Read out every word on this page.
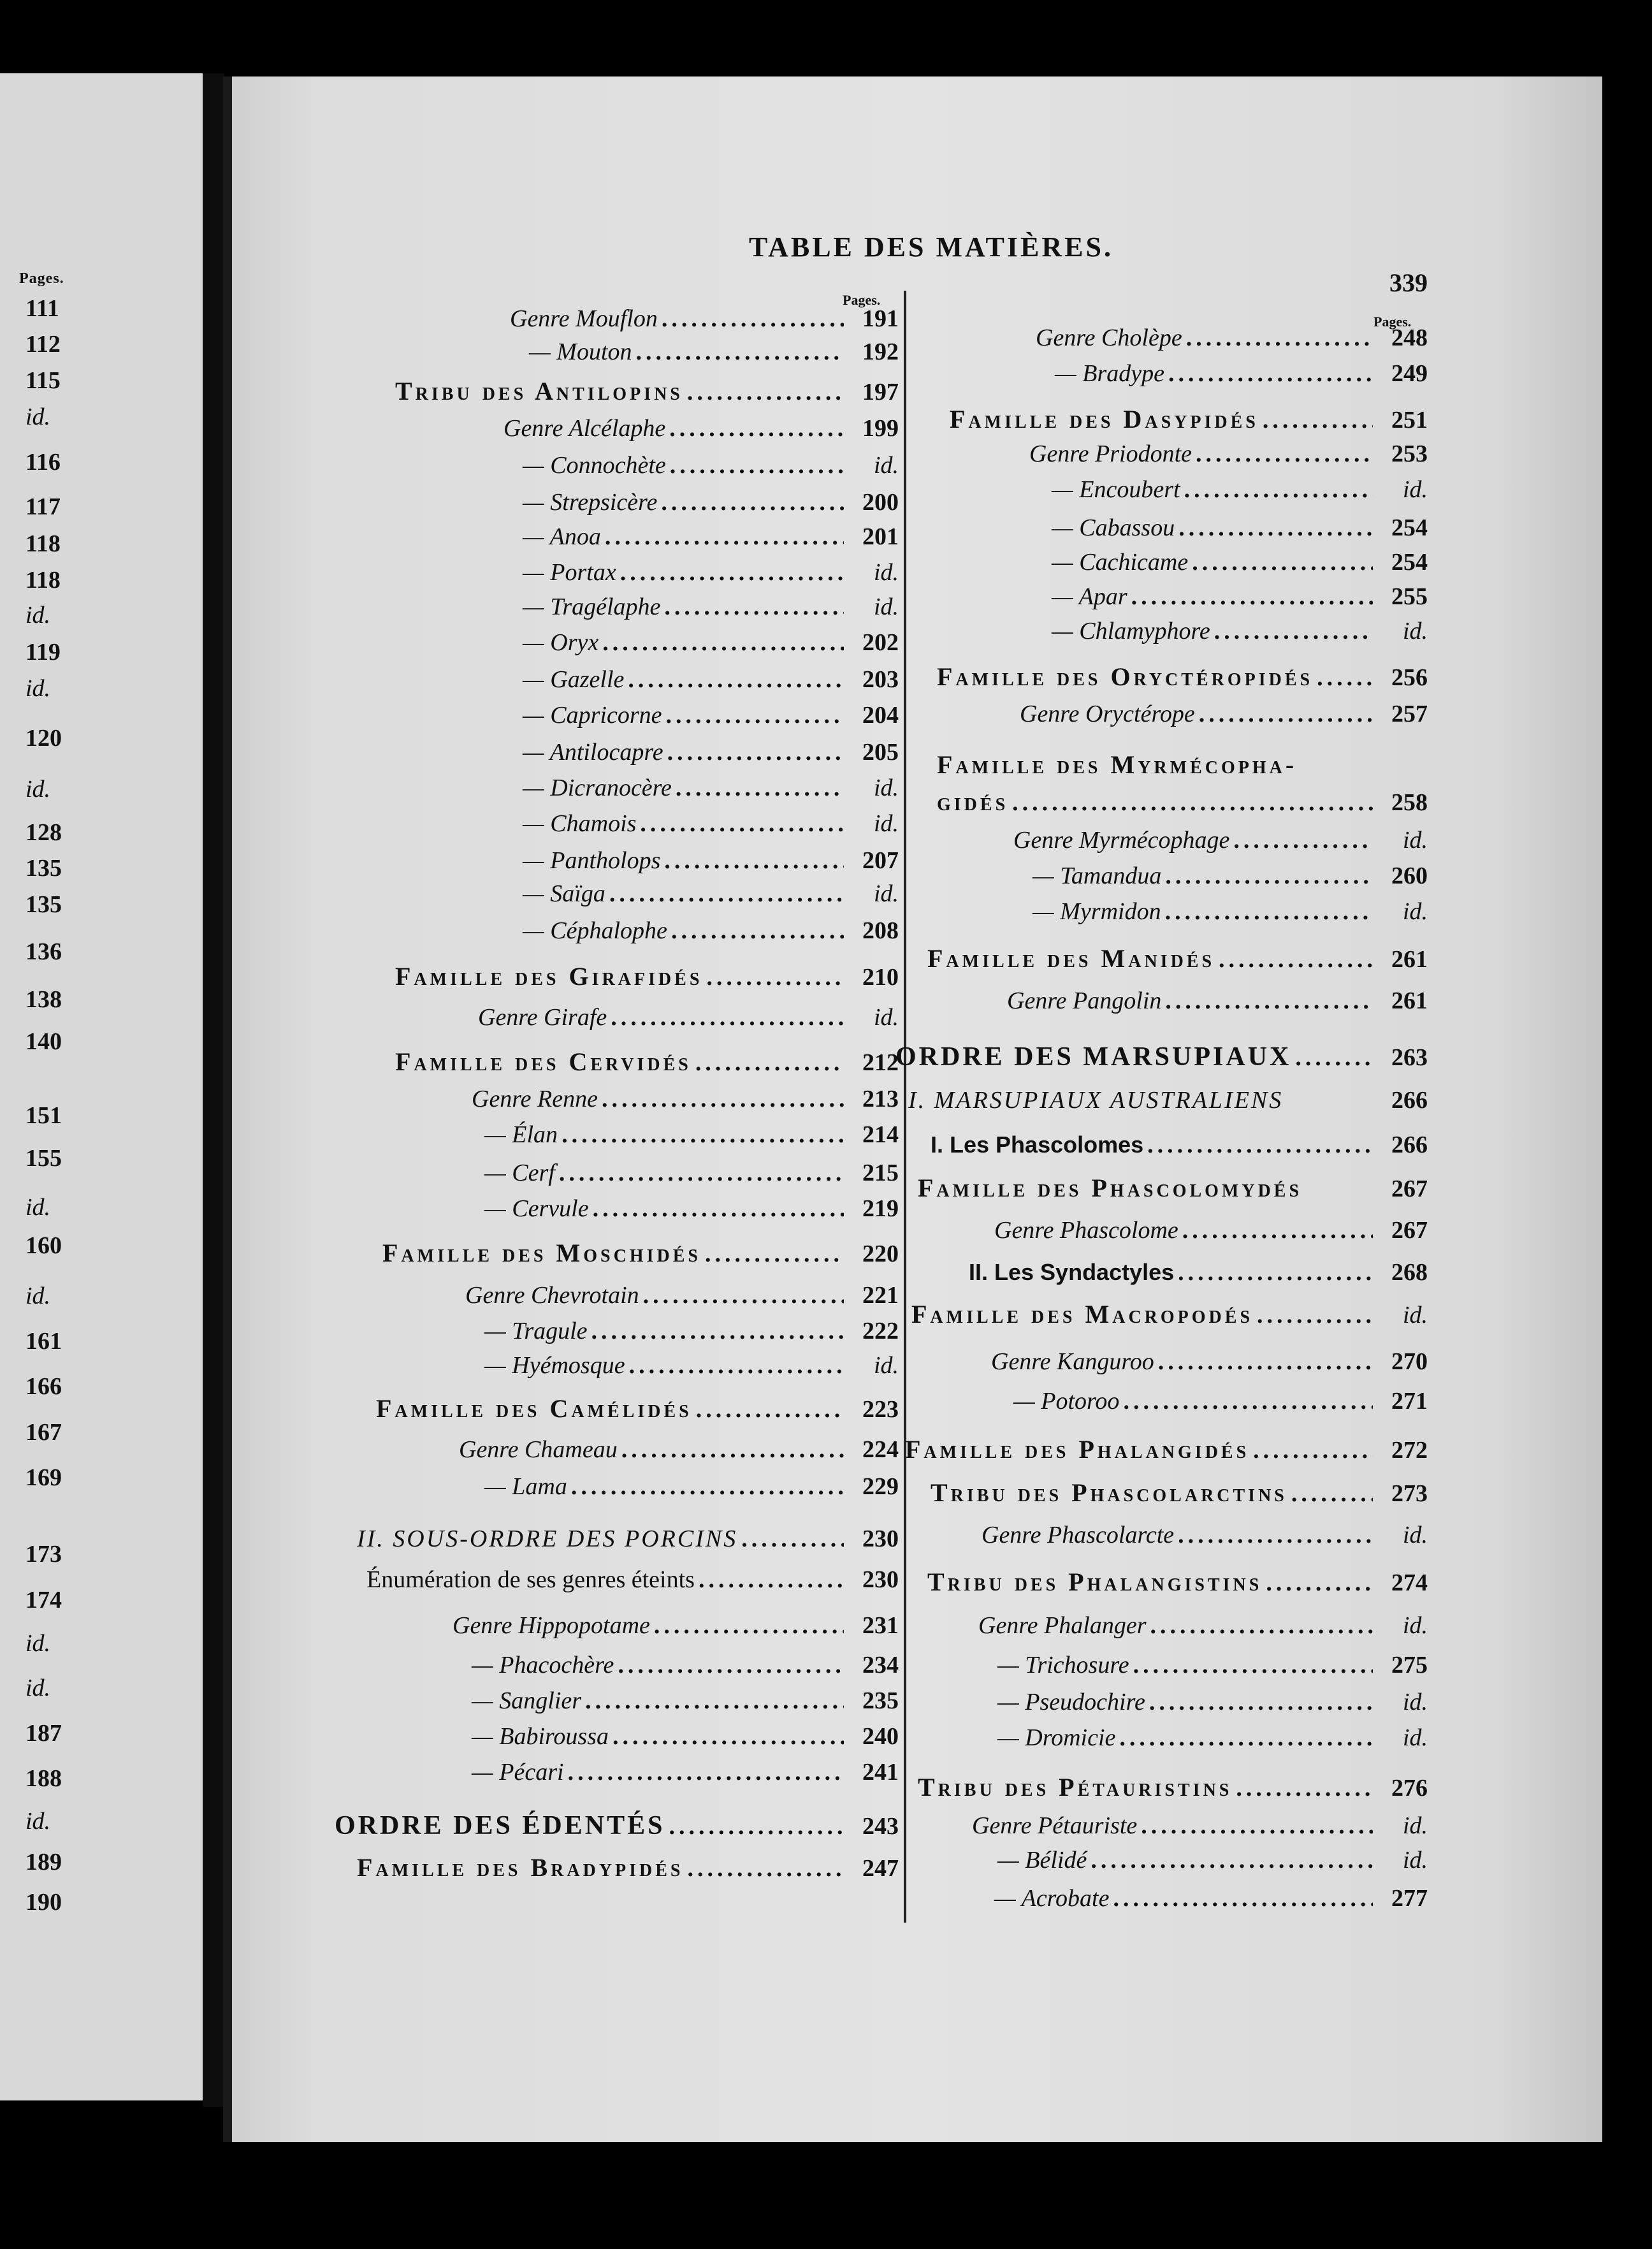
Pages.
111
112
115
id.
116
117
118
118
id.
119
id.
120
id.
128
135
135
136
138
140
151
155
id.
160
id.
161
166
167
169
173
174
id.
id.
187
188
id.
189
190
TABLE DES MATIÈRES.
339
Pages.
Pages.
Genre Mouflon .....	191
— Mouton .....	192
Tribu des Antilopins .....	197
Genre Alcélaphe .....	199
— Connochète .....	id.
— Strepsicère .....	200
— Anoa .....	201
— Portax .....	id.
— Tragélaphe .....	id.
— Oryx .....	202
— Gazelle .....	203
— Capricorne .....	204
— Antilocapre .....	205
— Dicranocère .....	id.
— Chamois .....	id.
— Pantholops .....	207
— Saïga .....	id.
— Céphalophe .....	208
Famille des Girafidés .....	210
Genre Girafe .....	id.
Famille des Cervidés .....	212
Genre Renne .....	213
— Élan .....	214
— Cerf .....	215
— Cervule .....	219
Famille des Moschidés .....	220
Genre Chevrotain .....	221
— Tragule .....	222
— Hyémosque .....	id.
Famille des Camélidés .....	223
Genre Chameau .....	224
— Lama .....	229
II. SOUS-ORDRE DES PORCINS .....	230
Énumération de ses genres éteints .....	230
Genre Hippopotame .....	231
— Phacochère .....	234
— Sanglier .....	235
— Babiroussa .....	240
— Pécari .....	241
ORDRE DES ÉDENTÉS .....	243
Famille des Bradypidés .....	247
Genre Cholèpe .....	248
— Bradype .....	249
Famille des Dasypidés .....	251
Genre Priodonte .....	253
— Encoubert .....	id.
— Cabassou .....	254
— Cachicame .....	254
— Apar .....	255
— Chlamyphore .....	id.
Famille des Oryctéropidés .....	256
Genre Oryctérope .....	257
Famille des Myrmécopha-
gidés .....	258
Genre Myrmécophage .....	id.
— Tamandua .....	260
— Myrmidon .....	id.
Famille des Manidés .....	261
Genre Pangolin .....	261
ORDRE DES MARSUPIAUX .....	263
I. MARSUPIAUX AUSTRALIENS	266
I. Les Phascolomes .....	266
Famille des Phascolomydés	267
Genre Phascolome .....	267
II. Les Syndactyles .....	268
Famille des Macropodés .....	id.
Genre Kanguroo .....	270
— Potoroo .....	271
Famille des Phalangidés .....	272
Tribu des Phascolarctins .....	273
Genre Phascolarcte .....	id.
Tribu des Phalangistins .....	274
Genre Phalanger .....	id.
— Trichosure .....	275
— Pseudochire .....	id.
— Dromicie .....	id.
Tribu des Pétauristins .....	276
Genre Pétauriste .....	id.
— Bélidé .....	id.
— Acrobate .....	277
